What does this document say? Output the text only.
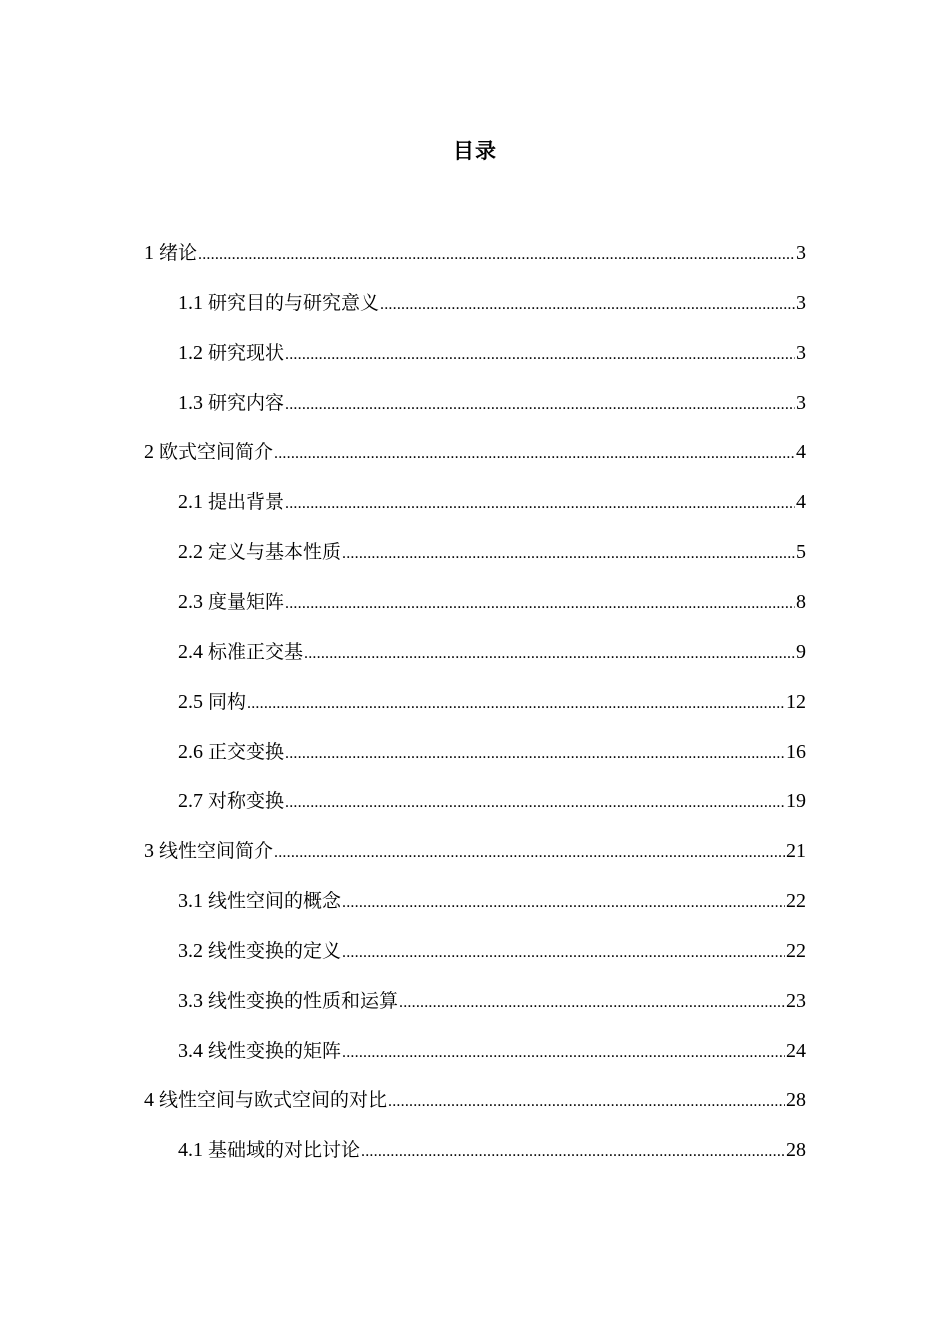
目录
1 绪论 .....	3
1.1 研究目的与研究意义 .....	3
1.2 研究现状 .....	3
1.3 研究内容 .....	3
2 欧式空间简介 .....	4
2.1 提出背景 .....	4
2.2 定义与基本性质 .....	5
2.3 度量矩阵 .....	8
2.4 标准正交基 .....	9
2.5 同构 .....	12
2.6 正交变换 .....	16
2.7 对称变换 .....	19
3 线性空间简介 .....	21
3.1 线性空间的概念 .....	22
3.2 线性变换的定义 .....	22
3.3 线性变换的性质和运算 .....	23
3.4 线性变换的矩阵 .....	24
4 线性空间与欧式空间的对比 .....	28
4.1 基础域的对比讨论 .....	28
